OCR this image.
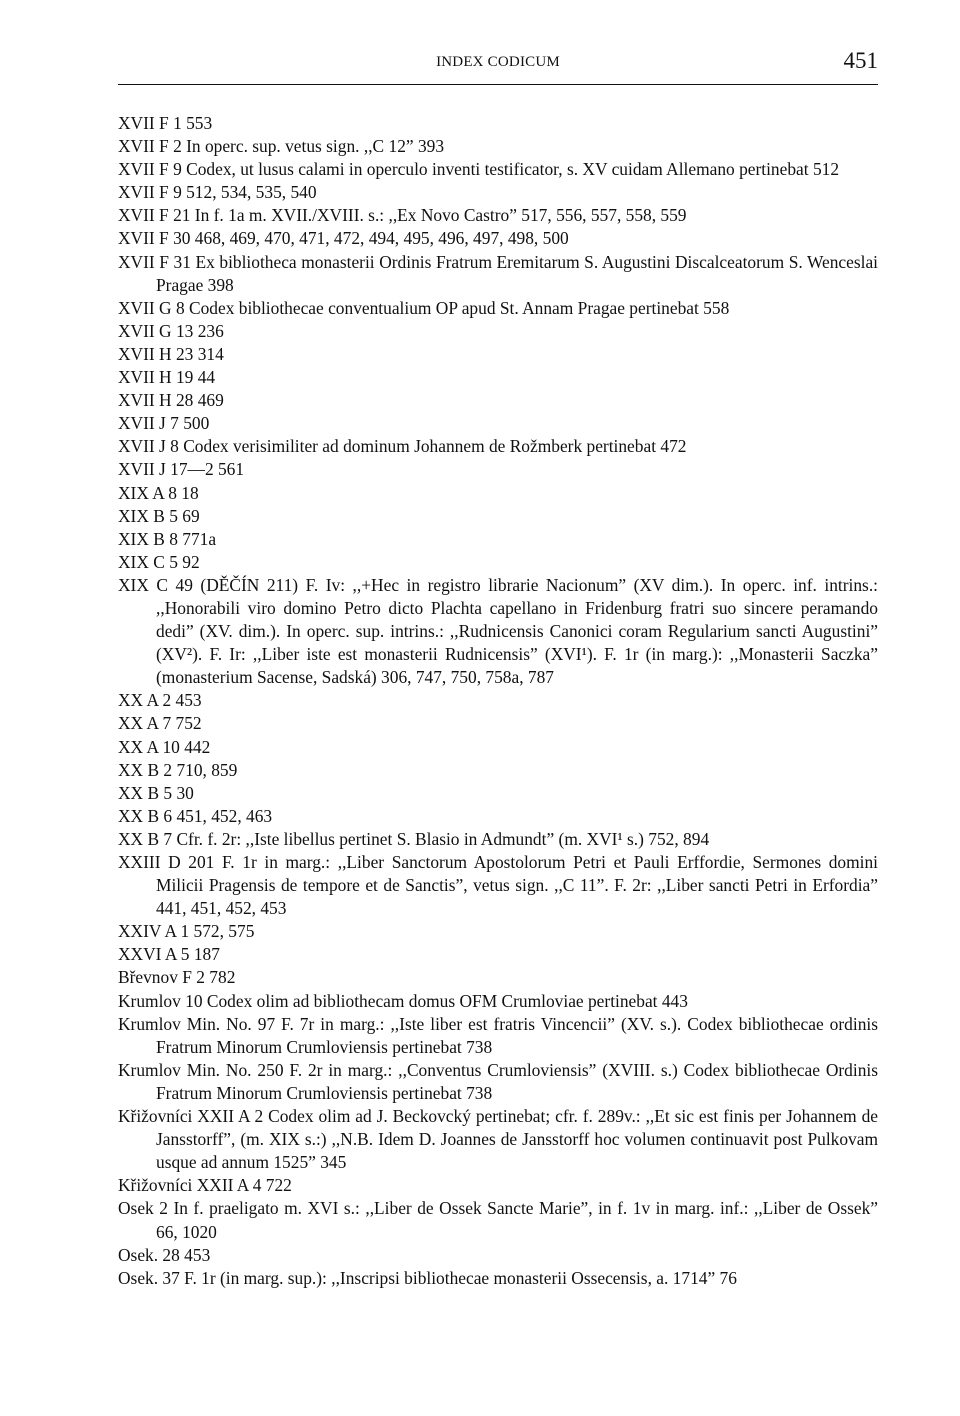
INDEX CODICUM	451

XVII F 1 553

XVII F 2 In operc. sup. vetus sign. ,,C 12” 393

XVII F 9 Codex, ut lusus calami in operculo inventi testificator, s. XV cuidam Allemano pertinebat 512

XVII F 9 512, 534, 535, 540

XVII F 21 In f. 1a m. XVII./XVIII. s.: ,,Ex Novo Castro” 517, 556, 557, 558, 559

XVII F 30 468, 469, 470, 471, 472, 494, 495, 496, 497, 498, 500

XVII F 31 Ex bibliotheca monasterii Ordinis Fratrum Eremitarum S. Augustini Discalceatorum S. Wenceslai Pragae 398

XVII G 8 Codex bibliothecae conventualium OP apud St. Annam Pragae pertinebat 558

XVII G 13 236

XVII H 23 314

XVII H 19 44

XVII H 28 469

XVII J 7 500

XVII J 8 Codex verisimiliter ad dominum Johannem de Rožmberk pertinebat 472

XVII J 17—2 561

XIX A 8 18

XIX B 5 69

XIX B 8 771a

XIX C 5 92

XIX C 49 (DĚČÍN 211) F. Iv: ,,+Hec in registro librarie Nacionum” (XV dim.). In operc. inf. intrins.: ,,Honorabili viro domino Petro dicto Plachta capellano in Fridenburg fratri suo sincere peramando dedi” (XV. dim.). In operc. sup. intrins.: ,,Rudnicensis Canonici coram Regularium sancti Augustini” (XV²). F. Ir: ,,Liber iste est monasterii Rudnicensis” (XVI¹). F. 1r (in marg.): ,,Monasterii Saczka” (monasterium Sacense, Sadská) 306, 747, 750, 758a, 787

XX A 2 453

XX A 7 752

XX A 10 442

XX B 2 710, 859

XX B 5 30

XX B 6 451, 452, 463

XX B 7 Cfr. f. 2r: ,,Iste libellus pertinet S. Blasio in Admundt” (m. XVI¹ s.) 752, 894

XXIII D 201 F. 1r in marg.: ,,Liber Sanctorum Apostolorum Petri et Pauli Erffordie, Sermones domini Milicii Pragensis de tempore et de Sanctis”, vetus sign. ,,C 11”. F. 2r: ,,Liber sancti Petri in Erfordia” 441, 451, 452, 453

XXIV A 1 572, 575

XXVI A 5 187

Břevnov F 2 782

Krumlov 10 Codex olim ad bibliothecam domus OFM Crumloviae pertinebat 443

Krumlov Min. No. 97 F. 7r in marg.: ,,Iste liber est fratris Vincencii” (XV. s.). Codex bibliothecae ordinis Fratrum Minorum Crumloviensis pertinebat 738

Krumlov Min. No. 250 F. 2r in marg.: ,,Conventus Crumloviensis” (XVIII. s.) Codex bibliothecae Ordinis Fratrum Minorum Crumloviensis pertinebat 738

Křižovníci XXII A 2 Codex olim ad J. Beckovcký pertinebat; cfr. f. 289v.: ,,Et sic est finis per Johannem de Jansstorff”, (m. XIX s.:) ,,N.B. Idem D. Joannes de Jansstorff hoc volumen continuavit post Pulkovam usque ad annum 1525” 345

Křižovníci XXII A 4 722

Osek 2 In f. praeligato m. XVI s.: ,,Liber de Ossek Sancte Marie”, in f. 1v in marg. inf.: ,,Liber de Ossek” 66, 1020

Osek. 28 453

Osek. 37 F. 1r (in marg. sup.): ,,Inscripsi bibliothecae monasterii Ossecensis, a. 1714” 76
